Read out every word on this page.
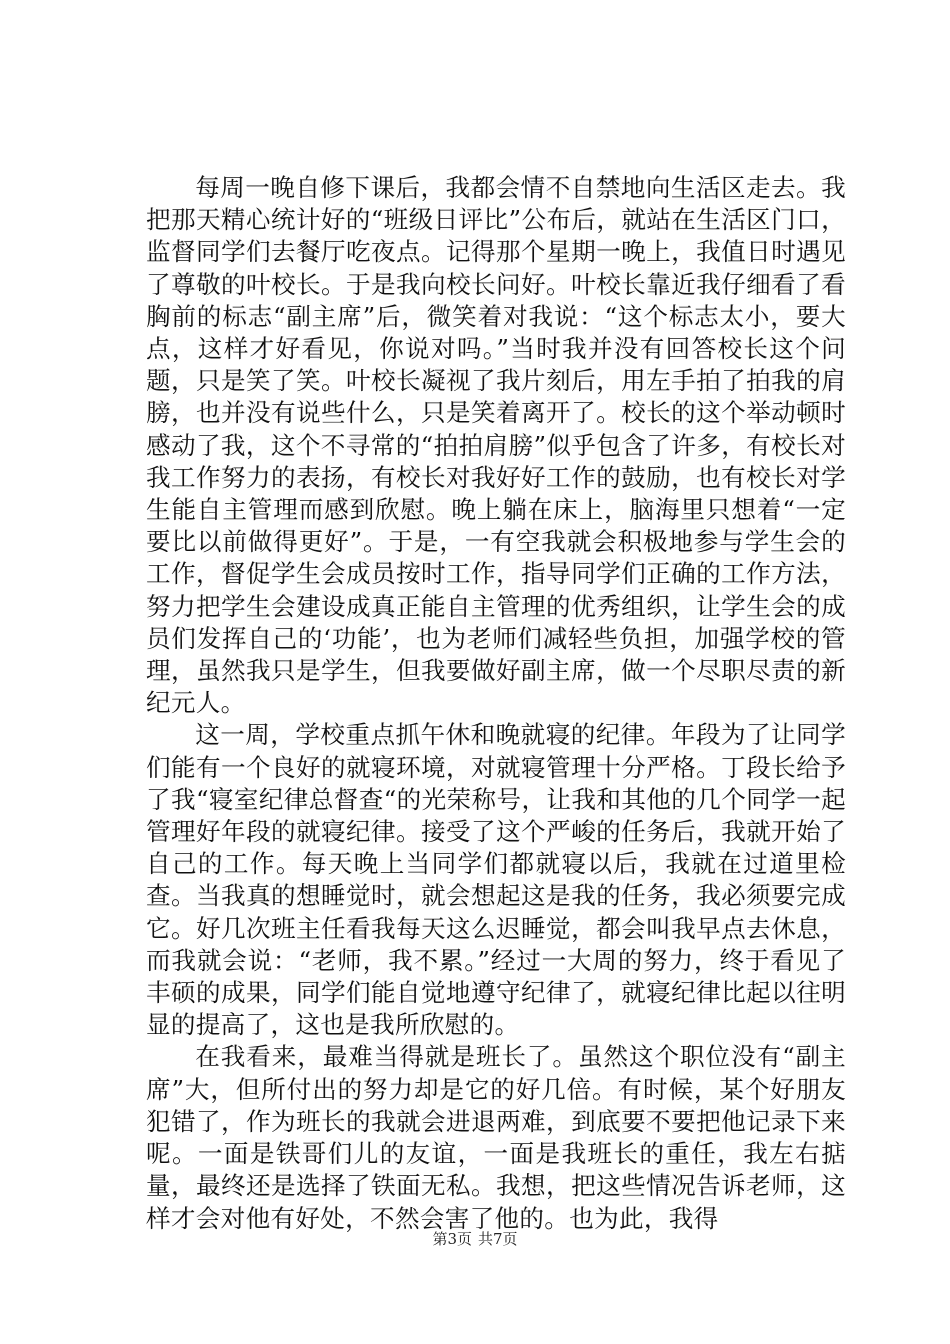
每周一晚自修下课后，我都会情不自禁地向生活区走去。我把那天精心统计好的“班级日评比”公布后，就站在生活区门口，监督同学们去餐厅吃夜点。记得那个星期一晚上，我值日时遇见了尊敬的叶校长。于是我向校长问好。叶校长靠近我仔细看了看胸前的标志“副主席”后，微笑着对我说：“这个标志太小，要大点，这样才好看见，你说对吗。”当时我并没有回答校长这个问题，只是笑了笑。叶校长凝视了我片刻后，用左手拍了拍我的肩膀，也并没有说些什么，只是笑着离开了。校长的这个举动顿时感动了我，这个不寻常的“拍拍肩膀”似乎包含了许多，有校长对我工作努力的表扬，有校长对我好好工作的鼓励，也有校长对学生能自主管理而感到欣慰。晚上躺在床上，脑海里只想着“一定要比以前做得更好”。于是，一有空我就会积极地参与学生会的工作，督促学生会成员按时工作，指导同学们正确的工作方法，努力把学生会建设成真正能自主管理的优秀组织，让学生会的成员们发挥自己的‘功能’，也为老师们减轻些负担，加强学校的管理，虽然我只是学生，但我要做好副主席，做一个尽职尽责的新纪元人。

这一周，学校重点抓午休和晚就寝的纪律。年段为了让同学们能有一个良好的就寝环境，对就寝管理十分严格。丁段长给予了我“寝室纪律总督查“的光荣称号，让我和其他的几个同学一起管理好年段的就寝纪律。接受了这个严峻的任务后，我就开始了自己的工作。每天晚上当同学们都就寝以后，我就在过道里检查。当我真的想睡觉时，就会想起这是我的任务，我必须要完成它。好几次班主任看我每天这么迟睡觉，都会叫我早点去休息，而我就会说：“老师，我不累。”经过一大周的努力，终于看见了丰硕的成果，同学们能自觉地遵守纪律了，就寝纪律比起以往明显的提高了，这也是我所欣慰的。

在我看来，最难当得就是班长了。虽然这个职位没有“副主席”大，但所付出的努力却是它的好几倍。有时候，某个好朋友犯错了，作为班长的我就会进退两难，到底要不要把他记录下来呢。一面是铁哥们儿的友谊，一面是我班长的重任，我左右掂量，最终还是选择了铁面无私。我想，把这些情况告诉老师，这样才会对他有好处，不然会害了他的。也为此，我得

第3页 共7页
